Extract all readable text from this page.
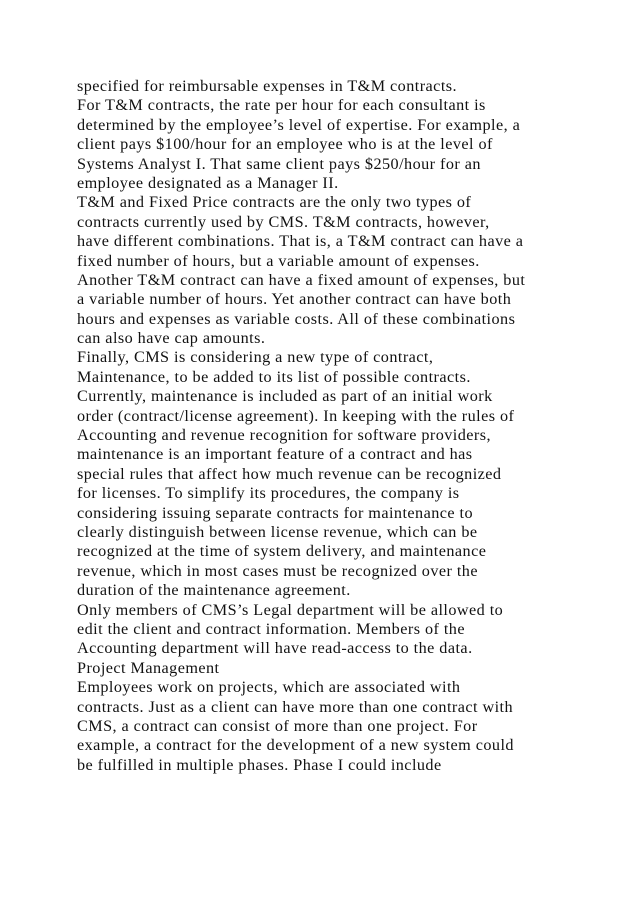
specified for reimbursable expenses in T&M contracts.
For T&M contracts, the rate per hour for each consultant is
determined by the employee’s level of expertise. For example, a
client pays $100/hour for an employee who is at the level of
Systems Analyst I. That same client pays $250/hour for an
employee designated as a Manager II.
T&M and Fixed Price contracts are the only two types of
contracts currently used by CMS. T&M contracts, however,
have different combinations. That is, a T&M contract can have a
fixed number of hours, but a variable amount of expenses.
Another T&M contract can have a fixed amount of expenses, but
a variable number of hours. Yet another contract can have both
hours and expenses as variable costs. All of these combinations
can also have cap amounts.
Finally, CMS is considering a new type of contract,
Maintenance, to be added to its list of possible contracts.
Currently, maintenance is included as part of an initial work
order (contract/license agreement). In keeping with the rules of
Accounting and revenue recognition for software providers,
maintenance is an important feature of a contract and has
special rules that affect how much revenue can be recognized
for licenses. To simplify its procedures, the company is
considering issuing separate contracts for maintenance to
clearly distinguish between license revenue, which can be
recognized at the time of system delivery, and maintenance
revenue, which in most cases must be recognized over the
duration of the maintenance agreement.
Only members of CMS’s Legal department will be allowed to
edit the client and contract information. Members of the
Accounting department will have read-access to the data.
Project Management
Employees work on projects, which are associated with
contracts. Just as a client can have more than one contract with
CMS, a contract can consist of more than one project. For
example, a contract for the development of a new system could
be fulfilled in multiple phases. Phase I could include
